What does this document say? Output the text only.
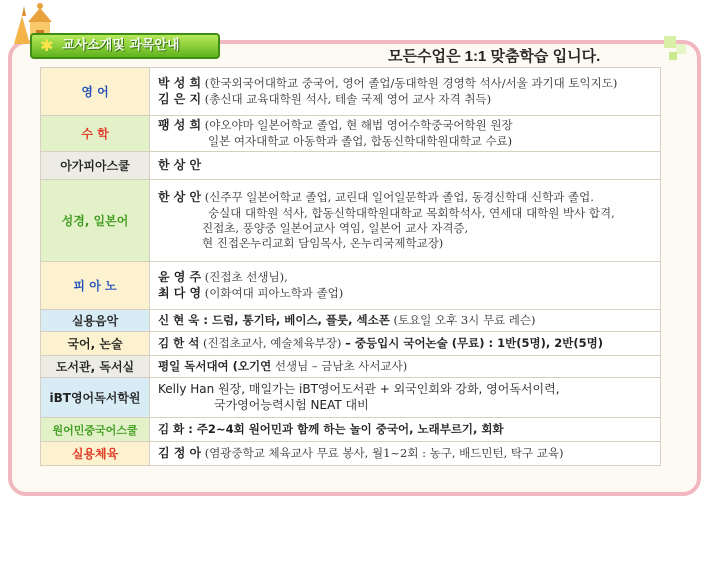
✱ 교사소개및 과목안내
모든수업은 1:1 맞춤학습 입니다.
영 어	박 성 희 (한국외국어대학교 중국어, 영어 졸업/동대학원 경영학 석사/서울 과기대 토익지도)
김 은 지 (총신대 교육대학원 석사, 테솔 국제 영어 교사 자격 취득)

수 학	팽 성 희 (야오야마 일본어학교 졸업, 현 해법 영어수학중국어학원 원장
일본 여자대학교 아동학과 졸업, 합동신학대학원대학교 수료)

아가피아스쿨	한 상 안
성경, 일본어	한 상 안 (신주꾸 일본어학교 졸업, 교린대 일어일문학과 졸업, 동경신학대 신학과 졸업.
숭실대 대학원 석사, 합동신학대학원대학교 목회학석사, 연세대 대학원 박사 합격,
진접초, 풍양중 일본어교사 역임, 일본어 교사 자격증,
현 진접온누리교회 담임목사, 온누리국제학교장)

피 아 노	윤 영 주 (진접초 선생님),
최 다 영 (이화여대 피아노학과 졸업)

실용음악	신 현 욱 : 드럼, 통기타, 베이스, 플룻, 섹소폰 (토요일 오후 3시 무료 레슨)
국어, 논술	김 한 석 (진접초교사, 예술체육부장) – 중등입시 국어논술 (무료) : 1반(5명), 2반(5명)
도서관, 독서실	평일 독서대여 (오기연 선생님 – 금남초 사서교사)
iBT영어독서학원	Kelly Han 원장, 매일가는 iBT영어도서관 + 외국인회와 강화, 영어독서이력,
국가영어능력시험 NEAT 대비

원어민중국어스쿨	김 화 : 주2~4회 원어민과 함께 하는 놀이 중국어, 노래부르기, 회화
실용체육	김 정 아 (염광중학교 체육교사 무료 봉사, 월1~2회 : 농구, 배드민턴, 탁구 교육)
